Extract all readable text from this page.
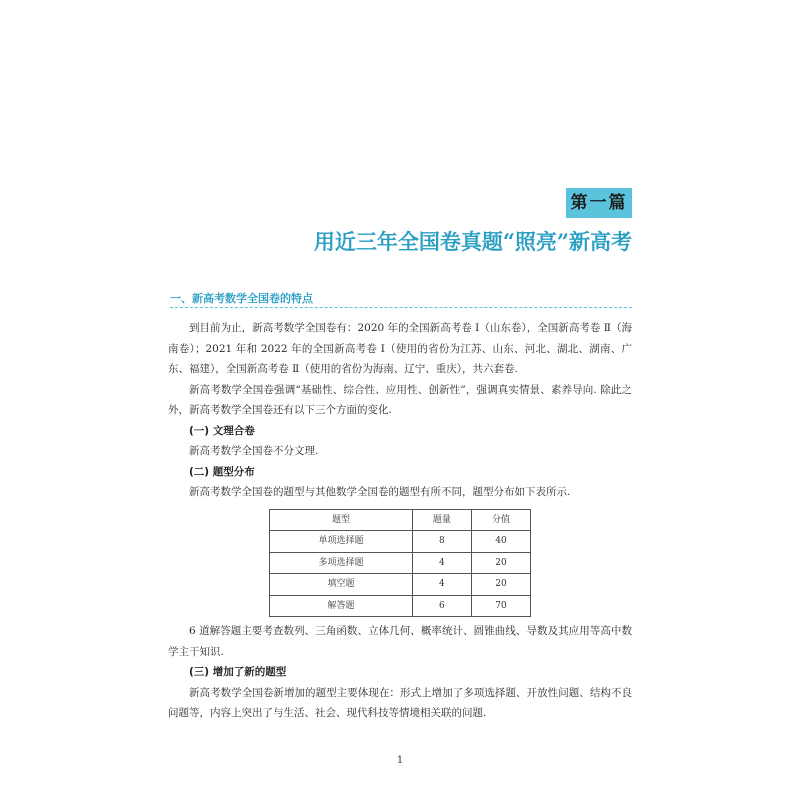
第一篇
用近三年全国卷真题“照亮”新高考
一、新高考数学全国卷的特点

到目前为止，新高考数学全国卷有：2020 年的全国新高考卷 Ⅰ（山东卷），全国新高考卷 Ⅱ（海南卷）；2021 年和 2022 年的全国新高考卷 Ⅰ（使用的省份为江苏、山东、河北、湖北、湖南、广东、福建），全国新高考卷 Ⅱ（使用的省份为海南、辽宁、重庆），共六套卷.

新高考数学全国卷强调“基础性、综合性、应用性、创新性”，强调真实情景、素养导向. 除此之外，新高考数学全国卷还有以下三个方面的变化.

(一) 文理合卷

新高考数学全国卷不分文理.

(二) 题型分布

新高考数学全国卷的题型与其他数学全国卷的题型有所不同，题型分布如下表所示.

题型	题量	分值
单项选择题	8	40
多项选择题	4	20
填空题	4	20
解答题	6	70

6 道解答题主要考查数列、三角函数、立体几何、概率统计、圆锥曲线、导数及其应用等高中数学主干知识.

(三) 增加了新的题型

新高考数学全国卷新增加的题型主要体现在：形式上增加了多项选择题、开放性问题、结构不良问题等，内容上突出了与生活、社会、现代科技等情境相关联的问题.

1
